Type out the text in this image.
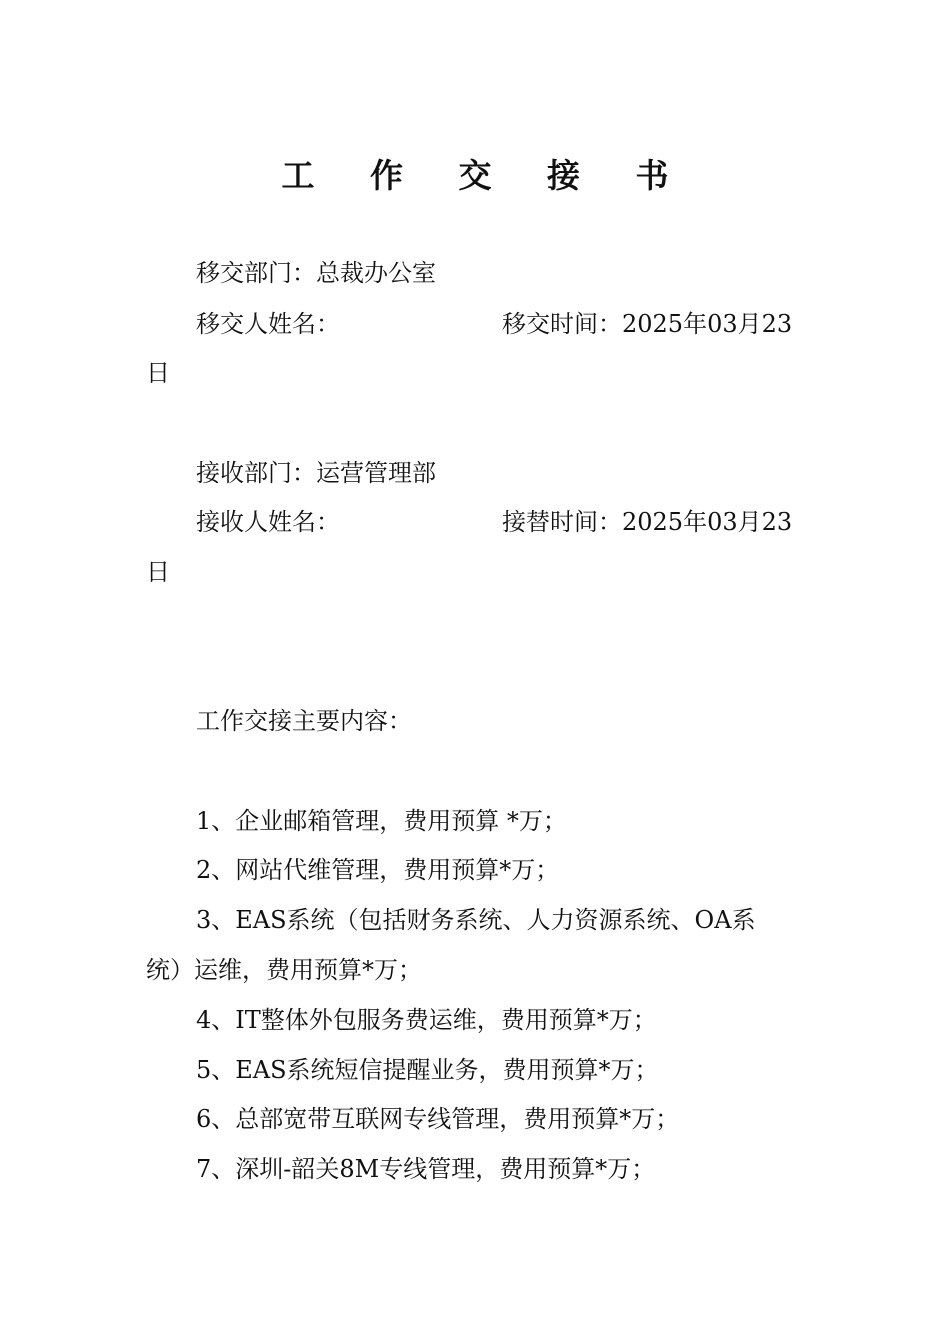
工 作 交 接 书
移交部门：总裁办公室
移交人姓名：	移交时间：2025年03月23
日
接收部门：运营管理部
接收人姓名：	接替时间：2025年03月23
日
工作交接主要内容：
1、企业邮箱管理，费用预算 *万；
2、网站代维管理，费用预算*万；
3、EAS系统（包括财务系统、人力资源系统、OA系
统）运维，费用预算*万；
4、IT整体外包服务费运维，费用预算*万；
5、EAS系统短信提醒业务，费用预算*万；
6、总部宽带互联网专线管理，费用预算*万；
7、深圳-韶关8M专线管理，费用预算*万；
